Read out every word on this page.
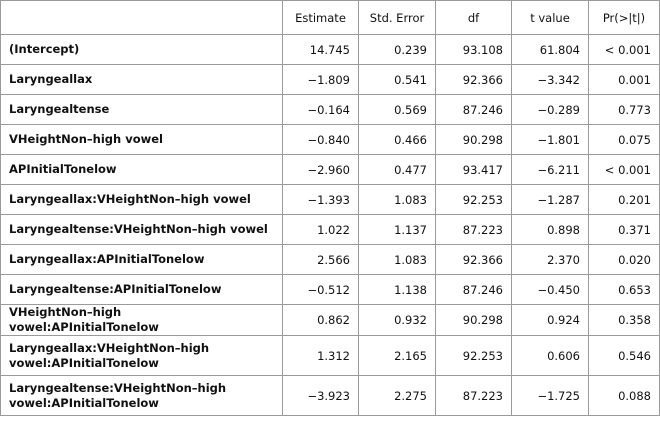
	Estimate	Std. Error	df	t value	Pr(>|t|)
(Intercept)	14.745	0.239	93.108	61.804	< 0.001
Laryngeallax	−1.809	0.541	92.366	−3.342	0.001
Laryngealtense	−0.164	0.569	87.246	−0.289	0.773
VHeightNon–high vowel	−0.840	0.466	90.298	−1.801	0.075
APInitialTonelow	−2.960	0.477	93.417	−6.211	< 0.001
Laryngeallax:VHeightNon–high vowel	−1.393	1.083	92.253	−1.287	0.201
Laryngealtense:VHeightNon–high vowel	1.022	1.137	87.223	0.898	0.371
Laryngeallax:APInitialTonelow	2.566	1.083	92.366	2.370	0.020
Laryngealtense:APInitialTonelow	−0.512	1.138	87.246	−0.450	0.653
VHeightNon–high vowel:APInitialTonelow	0.862	0.932	90.298	0.924	0.358
Laryngeallax:VHeightNon–high vowel:APInitialTonelow	1.312	2.165	92.253	0.606	0.546
Laryngealtense:VHeightNon–high vowel:APInitialTonelow	−3.923	2.275	87.223	−1.725	0.088
